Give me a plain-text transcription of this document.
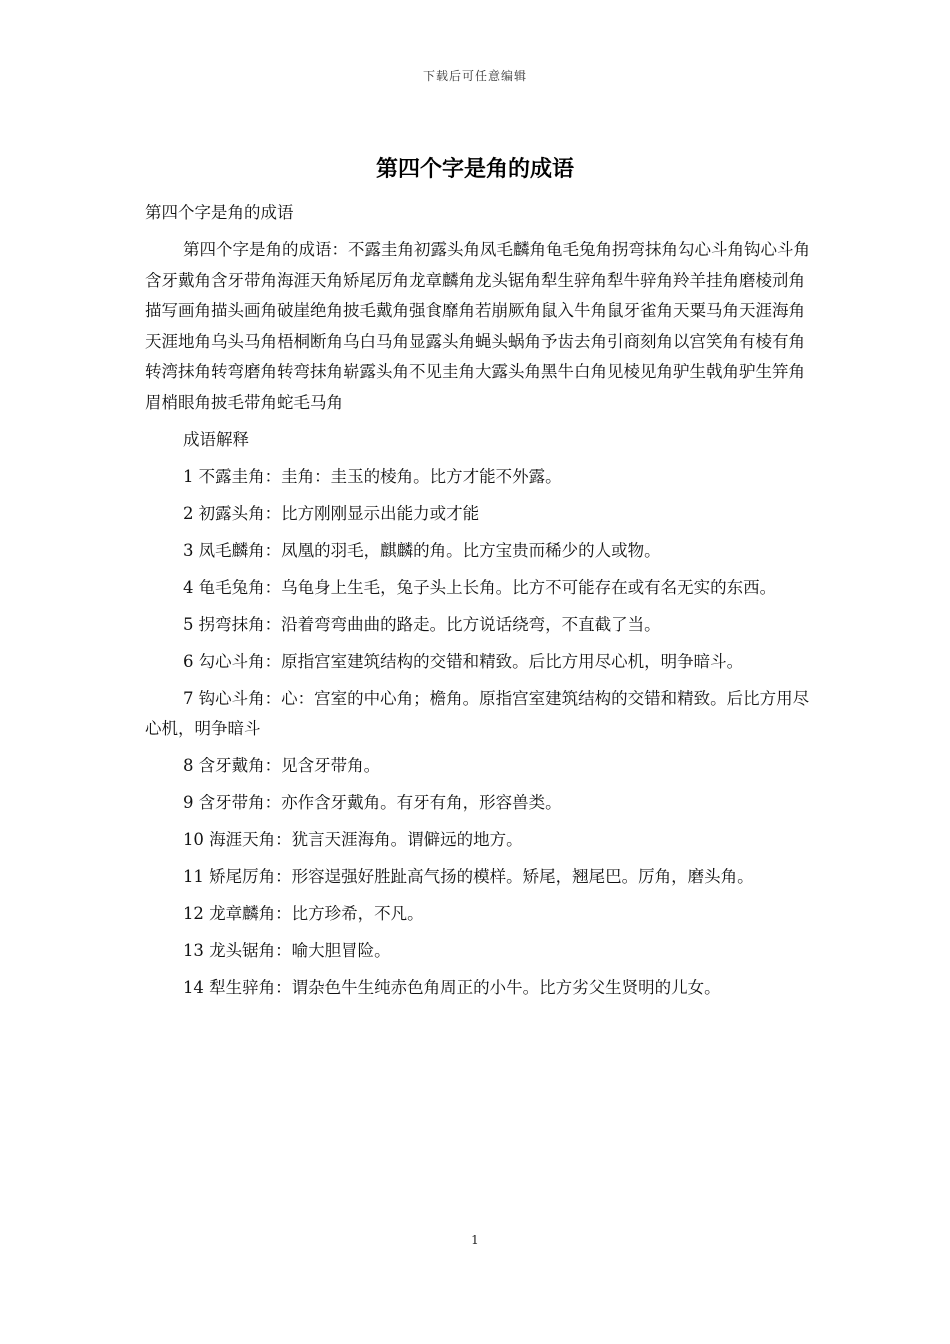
下载后可任意编辑
第四个字是角的成语

第四个字是角的成语

第四个字是角的成语：不露圭角初露头角凤毛麟角龟毛兔角拐弯抹角勾心斗角钩心斗角含牙戴角含牙带角海涯天角矫尾厉角龙章麟角龙头锯角犁生骍角犁牛骍角羚羊挂角磨棱刓角描写画角描头画角破崖绝角披毛戴角强食靡角若崩厥角鼠入牛角鼠牙雀角天粟马角天涯海角天涯地角乌头马角梧桐断角乌白马角显露头角蝇头蜗角予齿去角引商刻角以宫笑角有棱有角转湾抹角转弯磨角转弯抹角崭露头角不见圭角大露头角黑牛白角见棱见角驴生戟角驴生笄角眉梢眼角披毛带角蛇毛马角

成语解释

1 不露圭角：圭角：圭玉的棱角。比方才能不外露。

2 初露头角：比方刚刚显示出能力或才能

3 凤毛麟角：凤凰的羽毛，麒麟的角。比方宝贵而稀少的人或物。

4 龟毛兔角：乌龟身上生毛，兔子头上长角。比方不可能存在或有名无实的东西。

5 拐弯抹角：沿着弯弯曲曲的路走。比方说话绕弯，不直截了当。

6 勾心斗角：原指宫室建筑结构的交错和精致。后比方用尽心机，明争暗斗。

7 钩心斗角：心：宫室的中心角；檐角。原指宫室建筑结构的交错和精致。后比方用尽心机，明争暗斗

8 含牙戴角：见含牙带角。

9 含牙带角：亦作含牙戴角。有牙有角，形容兽类。

10 海涯天角：犹言天涯海角。谓僻远的地方。

11 矫尾厉角：形容逞强好胜趾高气扬的模样。矫尾，翘尾巴。厉角，磨头角。

12 龙章麟角：比方珍希，不凡。

13 龙头锯角：喻大胆冒险。

14 犁生骍角：谓杂色牛生纯赤色角周正的小牛。比方劣父生贤明的儿女。

1
